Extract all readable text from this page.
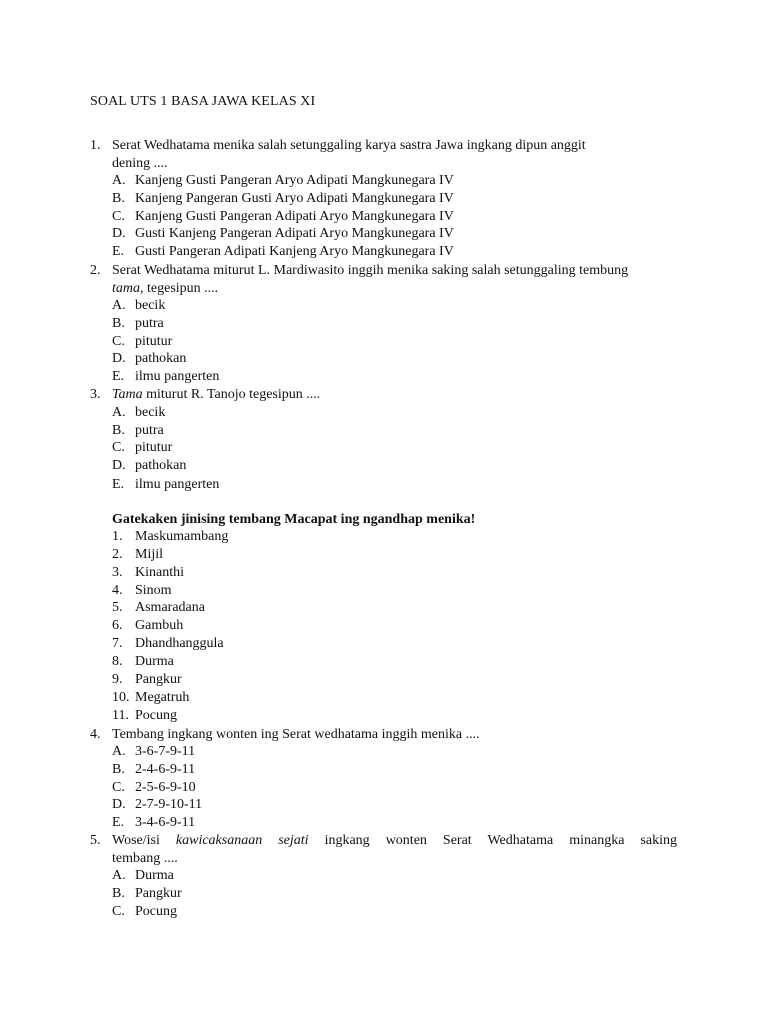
SOAL UTS 1 BASA JAWA KELAS XI
1. Serat Wedhatama menika salah setunggaling karya sastra Jawa ingkang dipun anggit
dening ....
A. Kanjeng Gusti Pangeran Aryo Adipati Mangkunegara IV
B. Kanjeng Pangeran Gusti Aryo Adipati Mangkunegara IV
C. Kanjeng Gusti Pangeran Adipati Aryo Mangkunegara IV
D. Gusti Kanjeng Pangeran Adipati Aryo Mangkunegara IV
E. Gusti Pangeran Adipati Kanjeng Aryo Mangkunegara IV
2. Serat Wedhatama miturut L. Mardiwasito inggih menika saking salah setunggaling tembung
tama, tegesipun ....
A. becik
B. putra
C. pitutur
D. pathokan
E. ilmu pangerten
3. Tama miturut R. Tanojo tegesipun ....
A. becik
B. putra
C. pitutur
D. pathokan
E. ilmu pangerten
Gatekaken jinising tembang Macapat ing ngandhap menika!
1. Maskumambang
2. Mijil
3. Kinanthi
4. Sinom
5. Asmaradana
6. Gambuh
7. Dhandhanggula
8. Durma
9. Pangkur
10. Megatruh
11. Pocung
4. Tembang ingkang wonten ing Serat wedhatama inggih menika ....
A. 3-6-7-9-11
B. 2-4-6-9-11
C. 2-5-6-9-10
D. 2-7-9-10-11
E. 3-4-6-9-11
5. Wose/isi kawicaksanaan sejati ingkang wonten Serat Wedhatama minangka saking
tembang ....
A. Durma
B. Pangkur
C. Pocung
